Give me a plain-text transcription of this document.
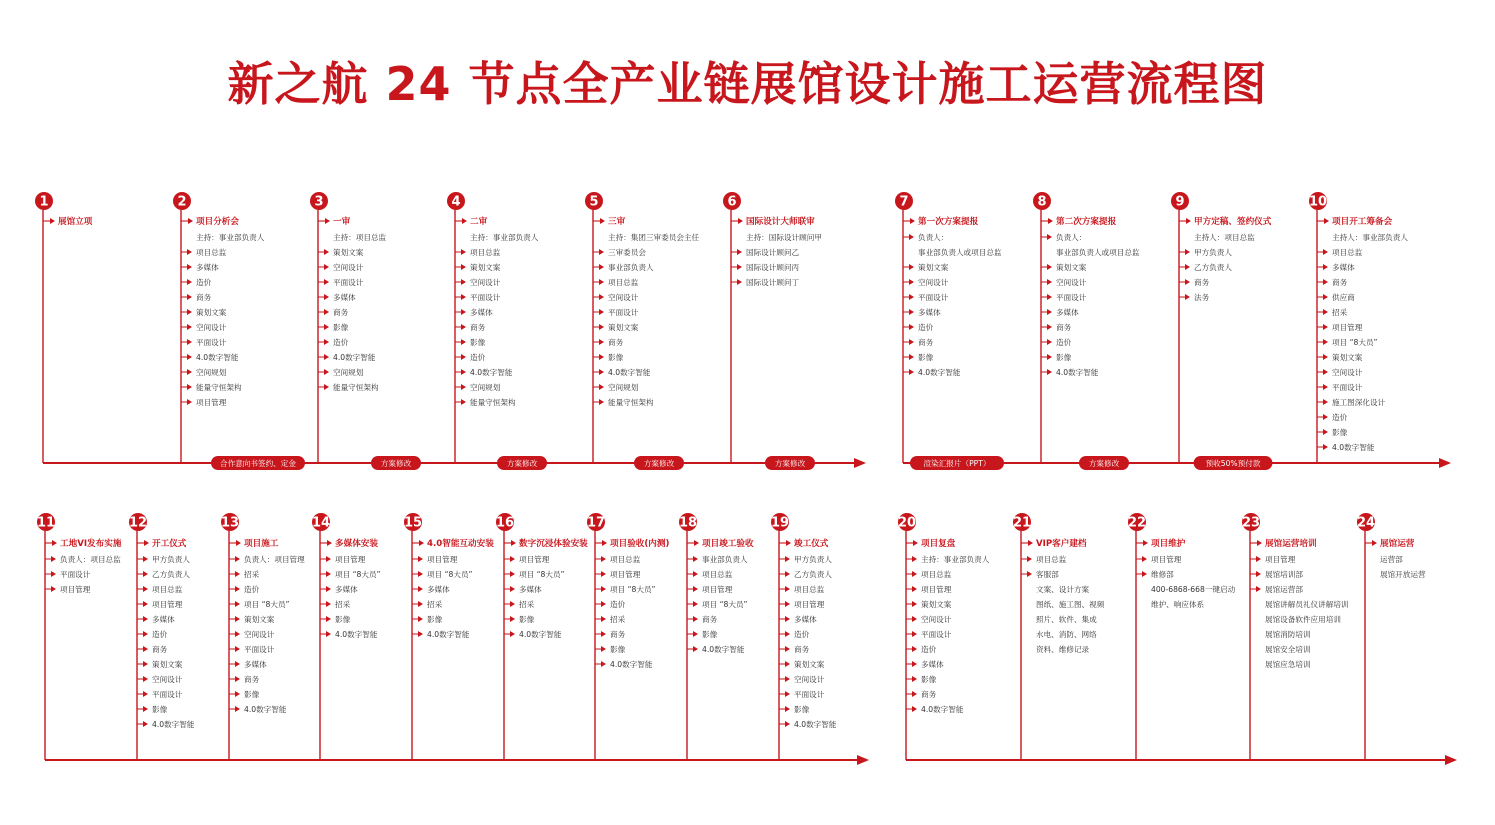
新之航 24 节点全产业链展馆设计施工运营流程图
1
展馆立项
2
项目分析会
主持：事业部负责人
项目总监
多媒体
造价
商务
策划文案
空间设计
平面设计
4.0数字智能
空间规划
能量守恒架构
项目管理
3
一审
主持：项目总监
策划文案
空间设计
平面设计
多媒体
商务
影像
造价
4.0数字智能
空间规划
能量守恒架构
4
二审
主持：事业部负责人
项目总监
策划文案
空间设计
平面设计
多媒体
商务
影像
造价
4.0数字智能
空间规划
能量守恒架构
5
三审
主持：集团三审委员会主任
三审委员会
事业部负责人
项目总监
空间设计
平面设计
策划文案
商务
影像
4.0数字智能
空间规划
能量守恒架构
6
国际设计大师联审
主持：国际设计顾问甲
国际设计顾问乙
国际设计顾问丙
国际设计顾问丁
合作意向书签约、定金	方案修改	方案修改	方案修改	方案修改
7
第一次方案提报
负责人：
事业部负责人或项目总监
策划文案
空间设计
平面设计
多媒体
造价
商务
影像
4.0数字智能
8
第二次方案提报
负责人：
事业部负责人或项目总监
策划文案
空间设计
平面设计
多媒体
商务
造价
影像
4.0数字智能
9
甲方定稿、签约仪式
主持人：项目总监
甲方负责人
乙方负责人
商务
法务
10
项目开工筹备会
主持人：事业部负责人
项目总监
多媒体
商务
供应商
招采
项目管理
项目 “8大员”
策划文案
空间设计
平面设计
施工图深化设计
造价
影像
4.0数字智能
渲染汇报片（PPT）	方案修改	预收50%预付款
11
工地VI发布实施
负责人：项目总监
平面设计
项目管理
12
开工仪式
甲方负责人
乙方负责人
项目总监
项目管理
多媒体
造价
商务
策划文案
空间设计
平面设计
影像
4.0数字智能
13
项目施工
负责人：项目管理
招采
造价
项目 “8大员”
策划文案
空间设计
平面设计
多媒体
商务
影像
4.0数字智能
14
多媒体安装
项目管理
项目 “8大员”
多媒体
招采
影像
4.0数字智能
15
4.0智能互动安装
项目管理
项目 “8大员”
多媒体
招采
影像
4.0数字智能
16
数字沉浸体验安装
项目管理
项目 “8大员”
多媒体
招采
影像
4.0数字智能
17
项目验收(内测)
项目总监
项目管理
项目 “8大员”
造价
招采
商务
影像
4.0数字智能
18
项目竣工验收
事业部负责人
项目总监
项目管理
项目 “8大员”
商务
影像
4.0数字智能
19
竣工仪式
甲方负责人
乙方负责人
项目总监
项目管理
多媒体
造价
商务
策划文案
空间设计
平面设计
影像
4.0数字智能
20
项目复盘
主持：事业部负责人
项目总监
项目管理
策划文案
空间设计
平面设计
造价
多媒体
影像
商务
4.0数字智能
21
VIP客户建档
项目总监
客服部
文案、设计方案
图纸、施工图、视频
照片、软件、集成
水电、消防、网络
资料、维修记录
22
项目维护
项目管理
维修部
400-6868-668一键启动
维护、响应体系
23
展馆运营培训
项目管理
展馆培训部
展馆运营部
展馆讲解员礼仪讲解培训
展馆设备软件应用培训
展馆消防培训
展馆安全培训
展馆应急培训
24
展馆运营
运营部
展馆开放运营
